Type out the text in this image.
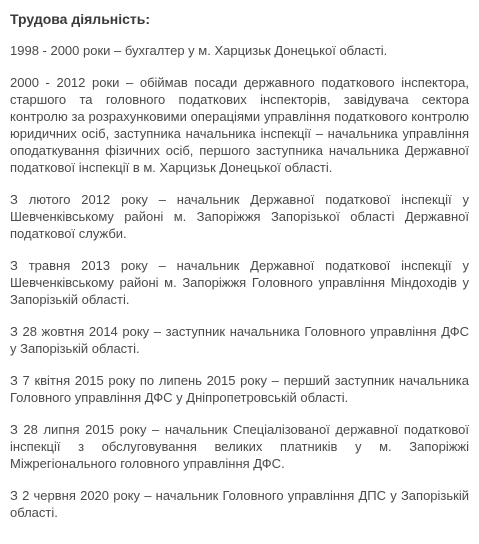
Трудова діяльність:

1998 - 2000 роки – бухгалтер у м. Харцизьк Донецької області.

2000 - 2012 роки – обіймав посади державного податкового інспектора, старшого та головного податкових інспекторів, завідувача сектора контролю за розрахунковими операціями управління податкового контролю юридичних осіб, заступника начальника інспекції – начальника управління оподаткування фізичних осіб, першого заступника начальника Державної податкової інспекції в м. Харцизьк Донецької області.

З лютого 2012 року – начальник Державної податкової інспекції у Шевченківському районі м. Запоріжжя Запорізької області Державної податкової служби.

З травня 2013 року – начальник Державної податкової інспекції у Шевченківському районі м. Запоріжжя Головного управління Міндоходів у Запорізькій області.

З 28 жовтня 2014 року – заступник начальника Головного управління ДФС у Запорізькій області.

З 7 квітня 2015 року по липень 2015 року – перший заступник начальника Головного управління ДФС у Дніпропетровській області.

З 28 липня 2015 року – начальник Спеціалізованої державної податкової інспекції з обслуговування великих платників у м. Запоріжжі Міжрегіонального головного управління ДФС.

З 2 червня 2020 року – начальник Головного управління ДПС у Запорізькій області.
